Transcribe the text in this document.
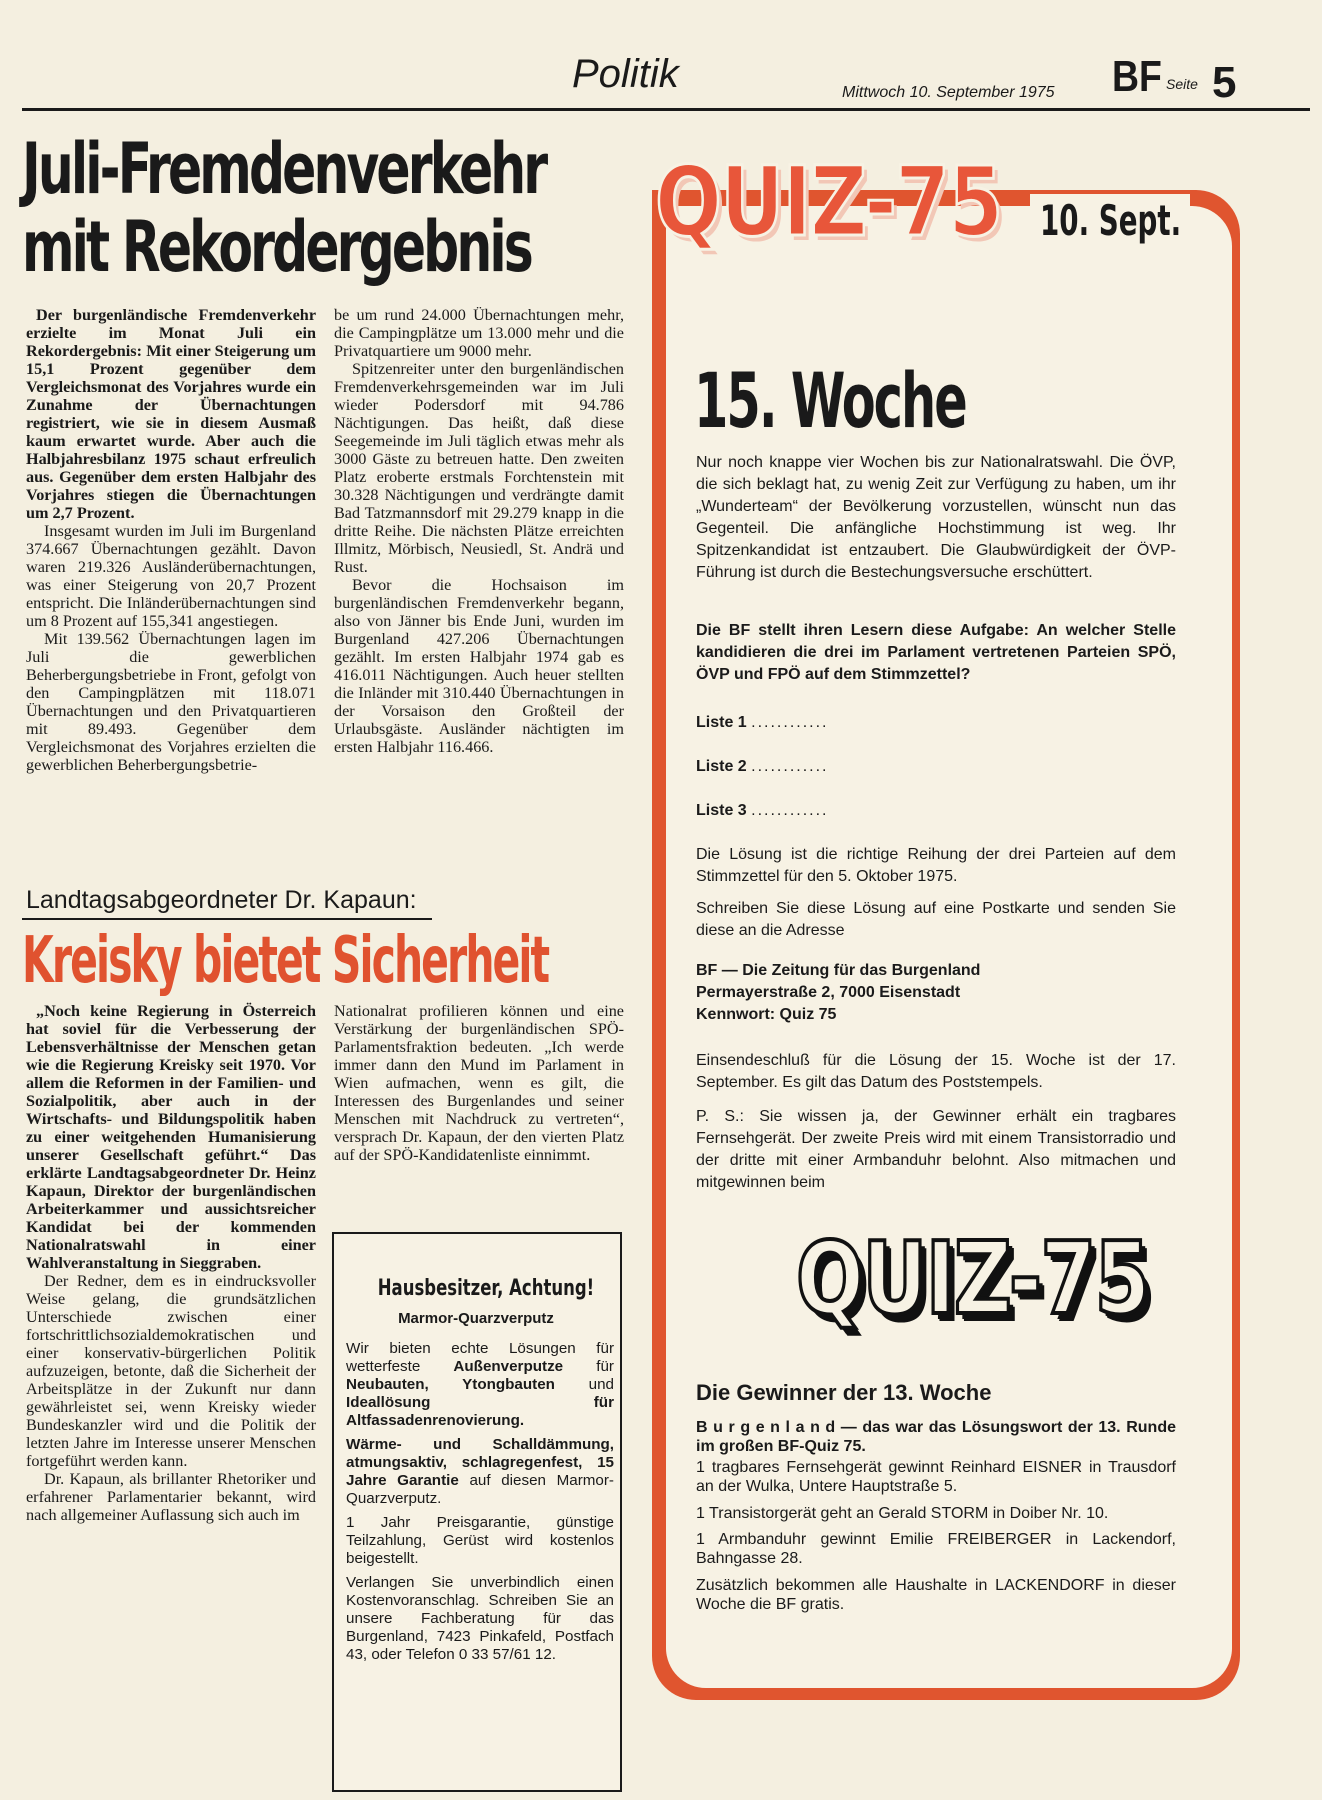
Politik	Mittwoch 10. September 1975 BF Seite 5
Juli-Fremdenverkehr
mit Rekordergebnis

Der burgenländische Fremdenverkehr erzielte im Monat Juli ein Rekordergebnis: Mit einer Steigerung um 15,1 Prozent gegenüber dem Vergleichsmonat des Vorjahres wurde ein Zunahme der Übernachtungen registriert, wie sie in diesem Ausmaß kaum erwartet wurde. Aber auch die Halbjahresbilanz 1975 schaut erfreulich aus. Gegenüber dem ersten Halbjahr des Vorjahres stiegen die Übernachtungen um 2,7 Prozent.

Insgesamt wurden im Juli im Burgenland 374.667 Übernachtungen gezählt. Davon waren 219.326 Ausländerübernachtungen, was einer Steigerung von 20,7 Prozent entspricht. Die Inländerübernachtungen sind um 8 Prozent auf 155,341 angestiegen.

Mit 139.562 Übernachtungen lagen im Juli die gewerblichen Beherbergungsbetriebe in Front, gefolgt von den Campingplätzen mit 118.071 Übernachtungen und den Privatquartieren mit 89.493. Gegenüber dem Vergleichsmonat des Vorjahres erzielten die gewerblichen Beherbergungsbetrie-

be um rund 24.000 Übernachtungen mehr, die Campingplätze um 13.000 mehr und die Privatquartiere um 9000 mehr.

Spitzenreiter unter den burgenländischen Fremdenverkehrsgemeinden war im Juli wieder Podersdorf mit 94.786 Nächtigungen. Das heißt, daß diese Seegemeinde im Juli täglich etwas mehr als 3000 Gäste zu betreuen hatte. Den zweiten Platz eroberte erstmals Forchtenstein mit 30.328 Nächtigungen und verdrängte damit Bad Tatzmannsdorf mit 29.279 knapp in die dritte Reihe. Die nächsten Plätze erreichten Illmitz, Mörbisch, Neusiedl, St. Andrä und Rust.

Bevor die Hochsaison im burgenländischen Fremdenverkehr begann, also von Jänner bis Ende Juni, wurden im Burgenland 427.206 Übernachtungen gezählt. Im ersten Halbjahr 1974 gab es 416.011 Nächtigungen. Auch heuer stellten die Inländer mit 310.440 Übernachtungen in der Vorsaison den Großteil der Urlaubsgäste. Ausländer nächtigten im ersten Halbjahr 116.466.

Landtagsabgeordneter Dr. Kapaun:
Kreisky bietet Sicherheit

„Noch keine Regierung in Österreich hat soviel für die Verbesserung der Lebensverhältnisse der Menschen getan wie die Regierung Kreisky seit 1970. Vor allem die Reformen in der Familien- und Sozialpolitik, aber auch in der Wirtschafts- und Bildungspolitik haben zu einer weitgehenden Humanisierung unserer Gesellschaft geführt.“ Das erklärte Landtagsabgeordneter Dr. Heinz Kapaun, Direktor der burgenländischen Arbeiterkammer und aussichtsreicher Kandidat bei der kommenden Nationalratswahl in einer Wahlveranstaltung in Sieggraben.

Der Redner, dem es in eindrucksvoller Weise gelang, die grundsätzlichen Unterschiede zwischen einer fortschrittlichsozialdemokratischen und einer konservativ-bürgerlichen Politik aufzuzeigen, betonte, daß die Sicherheit der Arbeitsplätze in der Zukunft nur dann gewährleistet sei, wenn Kreisky wieder Bundeskanzler wird und die Politik der letzten Jahre im Interesse unserer Menschen fortgeführt werden kann.

Dr. Kapaun, als brillanter Rhetoriker und erfahrener Parlamentarier bekannt, wird nach allgemeiner Auflassung sich auch im

Nationalrat profilieren können und eine Verstärkung der burgenländischen SPÖ-Parlamentsfraktion bedeuten. „Ich werde immer dann den Mund im Parlament in Wien aufmachen, wenn es gilt, die Interessen des Burgenlandes und seiner Menschen mit Nachdruck zu vertreten“, versprach Dr. Kapaun, der den vierten Platz auf der SPÖ-Kandidatenliste einnimmt.

Hausbesitzer, Achtung!
Marmor-Quarzverputz

Wir bieten echte Lösungen für wetterfeste Außenverputze für Neubauten, Ytongbauten und Ideallösung für Altfassadenrenovierung.

Wärme- und Schalldämmung, atmungsaktiv, schlagregenfest, 15 Jahre Garantie auf diesen Marmor-Quarzverputz.

1 Jahr Preisgarantie, günstige Teilzahlung, Gerüst wird kostenlos beigestellt.

Verlangen Sie unverbindlich einen Kostenvoranschlag. Schreiben Sie an unsere Fachberatung für das Burgenland, 7423 Pinkafeld, Postfach 43, oder Telefon 0 33 57/61 12.

QUIZ-75 10. Sept.
15. Woche
Nur noch knappe vier Wochen bis zur Nationalratswahl. Die ÖVP, die sich beklagt hat, zu wenig Zeit zur Verfügung zu haben, um ihr „Wunderteam“ der Bevölkerung vorzustellen, wünscht nun das Gegenteil. Die anfängliche Hochstimmung ist weg. Ihr Spitzenkandidat ist entzaubert. Die Glaubwürdigkeit der ÖVP-Führung ist durch die Bestechungsversuche erschüttert.
Die BF stellt ihren Lesern diese Aufgabe: An welcher Stelle kandidieren die drei im Parlament vertretenen Parteien SPÖ, ÖVP und FPÖ auf dem Stimmzettel?
Liste 1 ............
Liste 2 ............
Liste 3 ............
Die Lösung ist die richtige Reihung der drei Parteien auf dem Stimmzettel für den 5. Oktober 1975.
Schreiben Sie diese Lösung auf eine Postkarte und senden Sie diese an die Adresse
BF — Die Zeitung für das Burgenland
Permayerstraße 2, 7000 Eisenstadt
Kennwort: Quiz 75
Einsendeschluß für die Lösung der 15. Woche ist der 17. September. Es gilt das Datum des Poststempels.
P. S.: Sie wissen ja, der Gewinner erhält ein tragbares Fernsehgerät. Der zweite Preis wird mit einem Transistorradio und der dritte mit einer Armbanduhr belohnt. Also mitmachen und mitgewinnen beim
QUIZ-75
Die Gewinner der 13. Woche
B u r g e n l a n d — das war das Lösungswort der 13. Runde im großen BF-Quiz 75.
1 tragbares Fernsehgerät gewinnt Reinhard EISNER in Trausdorf an der Wulka, Untere Hauptstraße 5.
1 Transistorgerät geht an Gerald STORM in Doiber Nr. 10.
1 Armbanduhr gewinnt Emilie FREIBERGER in Lackendorf, Bahngasse 28.
Zusätzlich bekommen alle Haushalte in LACKENDORF in dieser Woche die BF gratis.
